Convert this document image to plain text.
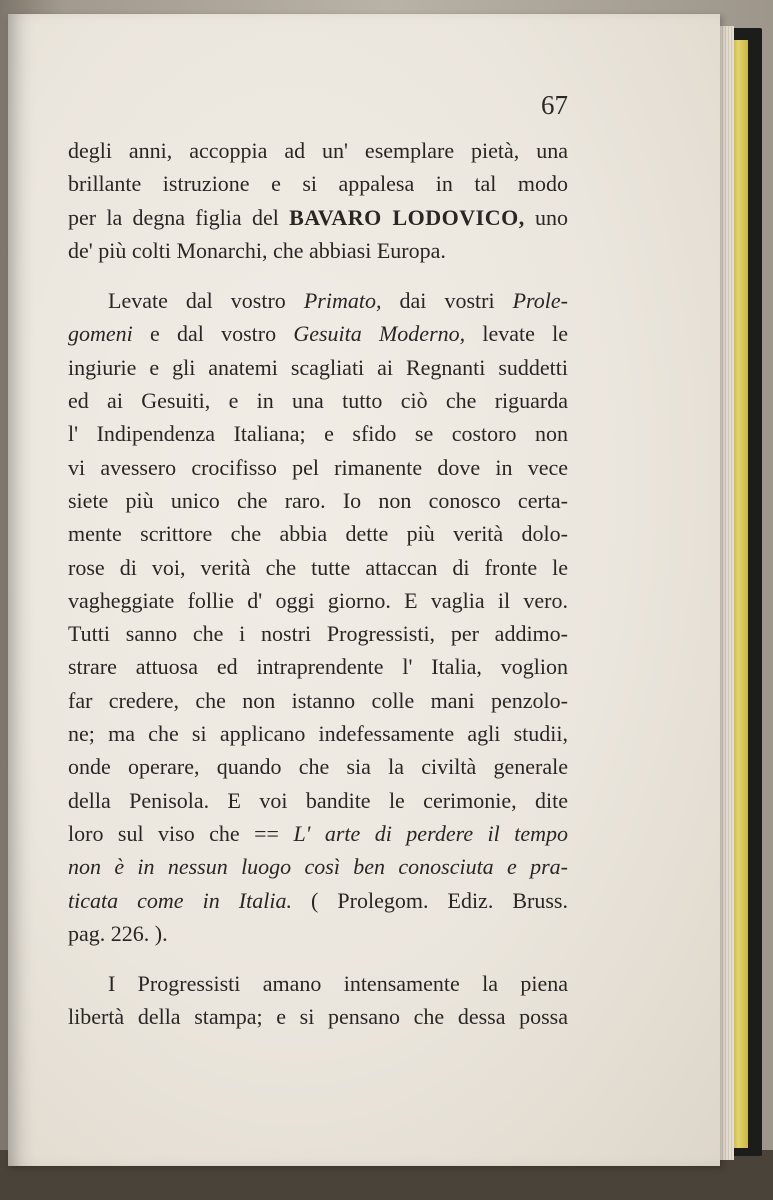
67
degli anni, accoppia ad un' esemplare pietà, una
brillante istruzione e si appalesa in tal modo
per la degna figlia del BAVARO LODOVICO, uno
de' più colti Monarchi, che abbiasi Europa.
Levate dal vostro Primato, dai vostri Prole-
gomeni e dal vostro Gesuita Moderno, levate le
ingiurie e gli anatemi scagliati ai Regnanti suddetti
ed ai Gesuiti, e in una tutto ciò che riguarda
l' Indipendenza Italiana; e sfido se costoro non
vi avessero crocifisso pel rimanente dove in vece
siete più unico che raro. Io non conosco certa-
mente scrittore che abbia dette più verità dolo-
rose di voi, verità che tutte attaccan di fronte le
vagheggiate follie d' oggi giorno. E vaglia il vero.
Tutti sanno che i nostri Progressisti, per addimo-
strare attuosa ed intraprendente l' Italia, voglion
far credere, che non istanno colle mani penzolo-
ne; ma che si applicano indefessamente agli studii,
onde operare, quando che sia la civiltà generale
della Penisola. E voi bandite le cerimonie, dite
loro sul viso che == L' arte di perdere il tempo
non è in nessun luogo così ben conosciuta e pra-
ticata come in Italia. ( Prolegom. Ediz. Bruss.
pag. 226. ).
I Progressisti amano intensamente la piena
libertà della stampa; e si pensano che dessa possa
